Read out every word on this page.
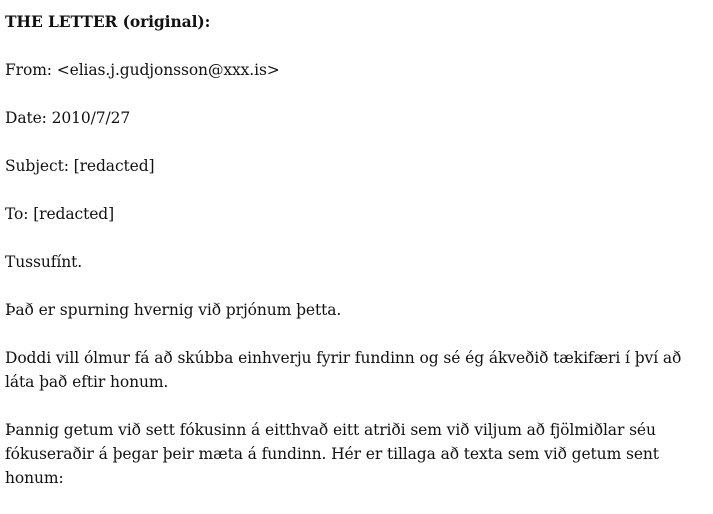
THE LETTER (original):
From: <elias.j.gudjonsson@xxx.is>
Date: 2010/7/27
Subject: [redacted]
To: [redacted]
Tussufínt.
Það er spurning hvernig við prjónum þetta.
Doddi vill ólmur fá að skúbba einhverju fyrir fundinn og sé ég ákveðið tækifæri í því að láta það eftir honum.
Þannig getum við sett fókusinn á eitthvað eitt atriði sem við viljum að fjölmiðlar séu fókuseraðir á þegar þeir mæta á fundinn. Hér er tillaga að texta sem við getum sent honum:
